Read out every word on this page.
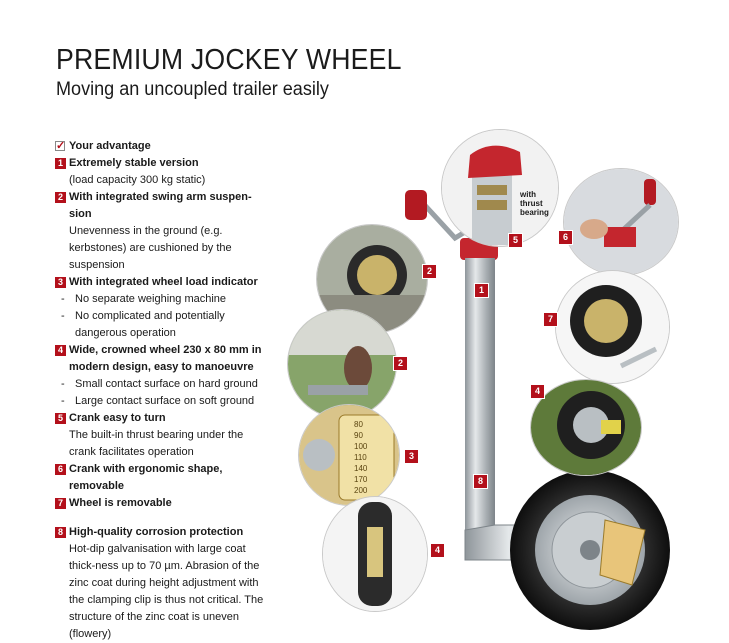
PREMIUM JOCKEY WHEEL
Moving an uncoupled trailer easily
✓ Your advantage
1 Extremely stable version
(load capacity 300 kg static)
2 With integrated swing arm suspen-sion
Unevenness in the ground (e.g. kerbstones) are cushioned by the suspension
3 With integrated wheel load indicator
- No separate weighing machine
- No complicated and potentially dangerous operation
4 Wide, crowned wheel 230 x 80 mm in modern design, easy to manoeuvre
- Small contact surface on hard ground
- Large contact surface on soft ground
5 Crank easy to turn
The built-in thrust bearing under the crank facilitates operation
6 Crank with ergonomic shape, removable
7 Wheel is removable
8 High-quality corrosion protection
Hot-dip galvanisation with large coat thick-ness up to 70 µm. Abrasion of the zinc coat during height adjustment with the clamping clip is thus not critical. The structure of the zinc coat is uneven (flowery)
with thrust bearing
80
90
100
110
140
170
200
1
2
2
3
4
4
5	6
7
8
